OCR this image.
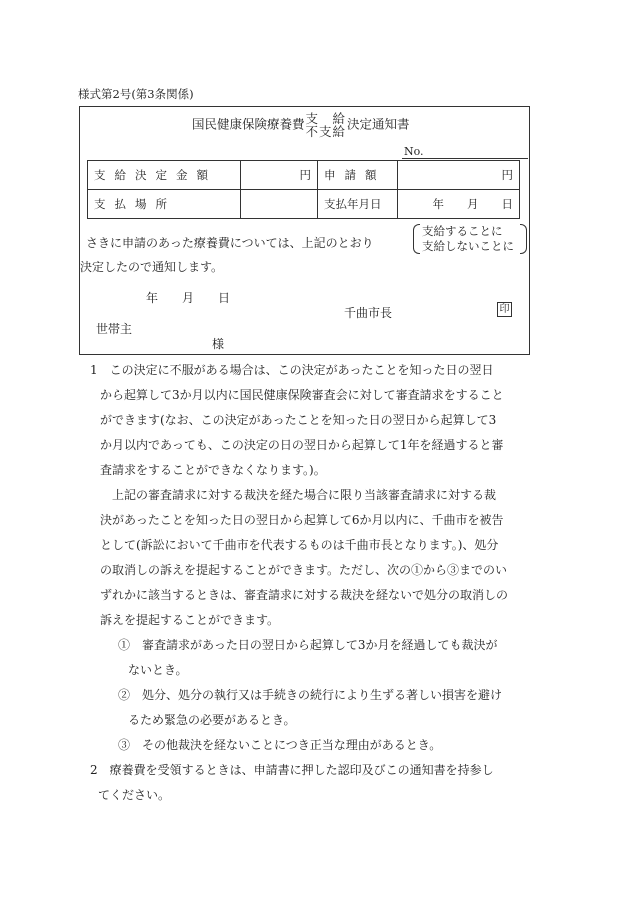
様式第2号(第3条関係)
国民健康保険療養費 支　給
不支給 決定通知書
No.
支給決定金額	円	申請額	円
支払場所		支払年月日	年　　月　　日
さきに申請のあった療養費については、上記のとおり
支給することに
支給しないことに
決定したので通知します。
年　　月　　日
千曲市長	印
世帯主
様

1　この決定に不服がある場合は、この決定があったことを知った日の翌日

から起算して3か月以内に国民健康保険審査会に対して審査請求をすること

ができます(なお、この決定があったことを知った日の翌日から起算して3

か月以内であっても、この決定の日の翌日から起算して1年を経過すると審

査請求をすることができなくなります。)。

上記の審査請求に対する裁決を経た場合に限り当該審査請求に対する裁

決があったことを知った日の翌日から起算して6か月以内に、千曲市を被告

として(訴訟において千曲市を代表するものは千曲市長となります。)、処分

の取消しの訴えを提起することができます。ただし、次の①から③までのい

ずれかに該当するときは、審査請求に対する裁決を経ないで処分の取消しの

訴えを提起することができます。

①　審査請求があった日の翌日から起算して3か月を経過しても裁決が

ないとき。

②　処分、処分の執行又は手続きの続行により生ずる著しい損害を避け

るため緊急の必要があるとき。

③　その他裁決を経ないことにつき正当な理由があるとき。

2　療養費を受領するときは、申請書に押した認印及びこの通知書を持参し

てください。
